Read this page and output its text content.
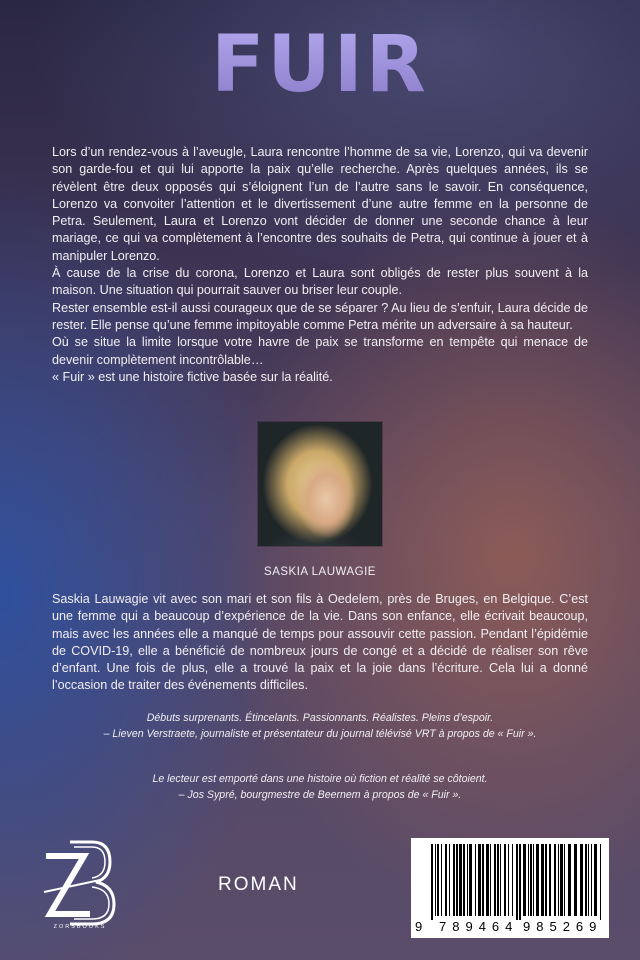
FUIR

Lors d’un rendez-vous à l’aveugle, Laura rencontre l’homme de sa vie, Lorenzo, qui va devenir son garde-fou et qui lui apporte la paix qu’elle recherche. Après quelques années, ils se révèlent être deux opposés qui s’éloignent l’un de l’autre sans le savoir. En conséquence, Lorenzo va convoiter l’attention et le divertissement d’une autre femme en la personne de Petra. Seulement, Laura et Lorenzo vont décider de donner une seconde chance à leur mariage, ce qui va complètement à l’encontre des souhaits de Petra, qui continue à jouer et à manipuler Lorenzo.

À cause de la crise du corona, Lorenzo et Laura sont obligés de rester plus souvent à la maison. Une situation qui pourrait sauver ou briser leur couple.

Rester ensemble est-il aussi courageux que de se séparer ? Au lieu de s’enfuir, Laura décide de rester. Elle pense qu’une femme impitoyable comme Petra mérite un adversaire à sa hauteur.

Où se situe la limite lorsque votre havre de paix se transforme en tempête qui menace de devenir complètement incontrôlable…

« Fuir » est une histoire fictive basée sur la réalité.

SASKIA LAUWAGIE

Saskia Lauwagie vit avec son mari et son fils à Oedelem, près de Bruges, en Belgique. C’est une femme qui a beaucoup d’expérience de la vie. Dans son enfance, elle écrivait beaucoup, mais avec les années elle a manqué de temps pour assouvir cette passion. Pendant l’épidémie de COVID-19, elle a bénéficié de nombreux jours de congé et a décidé de réaliser son rêve d’enfant. Une fois de plus, elle a trouvé la paix et la joie dans l’écriture. Cela lui a donné l’occasion de traiter des événements difficiles.

Débuts surprenants. Étincelants. Passionnants. Réalistes. Pleins d’espoir.

– Lieven Verstraete, journaliste et présentateur du journal télévisé VRT à propos de « Fuir ».

Le lecteur est emporté dans une histoire où fiction et réalité se côtoient.

– Jos Sypré, bourgmestre de Beernem à propos de « Fuir ».

ZORSBOOKS
ROMAN
9 789464 985269
